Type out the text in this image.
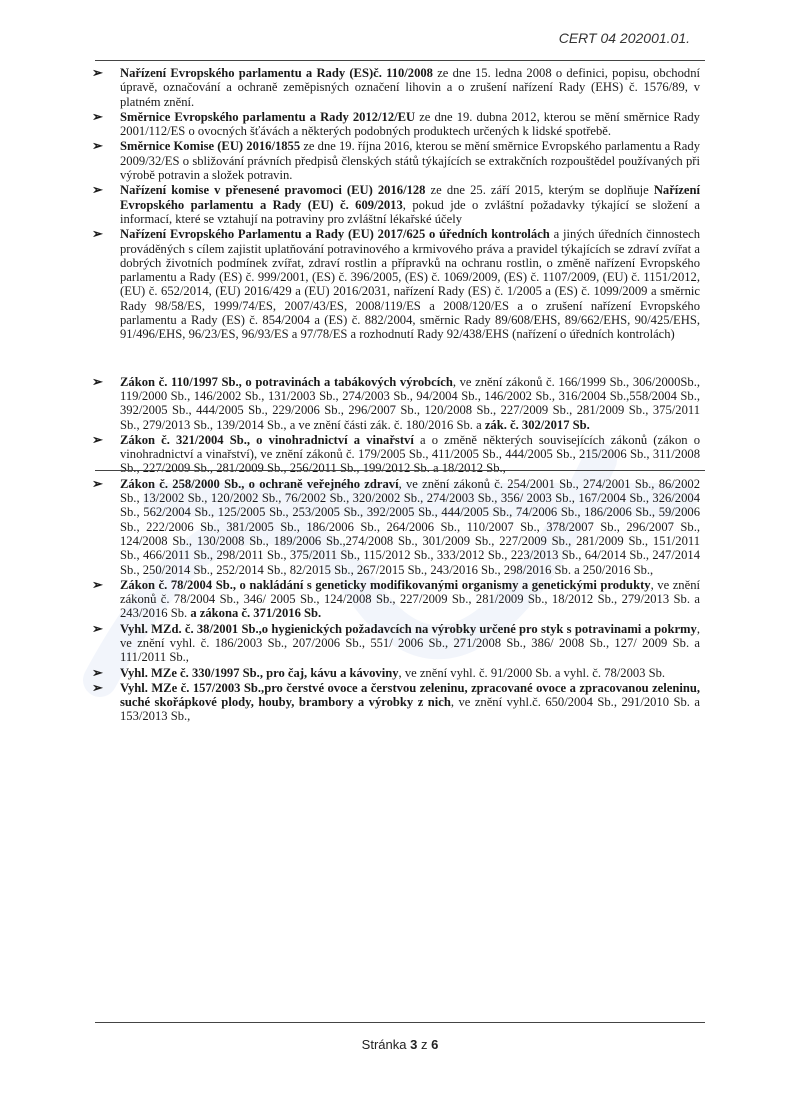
CERT 04 202001.01.
➢ Nařízení Evropského parlamentu a Rady (ES)č. 110/2008 ze dne 15. ledna 2008 o definici, popisu, obchodní úpravě, označování a ochraně zeměpisných označení lihovin a o zrušení nařízení Rady (EHS) č. 1576/89, v platném znění.
➢ Směrnice Evropského parlamentu a Rady 2012/12/EU ze dne 19. dubna 2012, kterou se mění směrnice Rady 2001/112/ES o ovocných šťávách a některých podobných produktech určených k lidské spotřebě.
➢ Směrnice Komise (EU) 2016/1855 ze dne 19. října 2016, kterou se mění směrnice Evropského parlamentu a Rady 2009/32/ES o sbližování právních předpisů členských států týkajících se extrakčních rozpouštědel používaných při výrobě potravin a složek potravin.
➢ Nařízení komise v přenesené pravomoci (EU) 2016/128 ze dne 25. září 2015, kterým se doplňuje Nařízení Evropského parlamentu a Rady (EU) č. 609/2013, pokud jde o zvláštní požadavky týkající se složení a informací, které se vztahují na potraviny pro zvláštní lékařské účely
➢ Nařízení Evropského Parlamentu a Rady (EU) 2017/625 o úředních kontrolách a jiných úředních činnostech prováděných s cílem zajistit uplatňování potravinového a krmivového práva a pravidel týkajících se zdraví zvířat a dobrých životních podmínek zvířat, zdraví rostlin a přípravků na ochranu rostlin, o změně nařízení Evropského parlamentu a Rady (ES) č. 999/2001, (ES) č. 396/2005, (ES) č. 1069/2009, (ES) č. 1107/2009, (EU) č. 1151/2012, (EU) č. 652/2014, (EU) 2016/429 a (EU) 2016/2031, nařízení Rady (ES) č. 1/2005 a (ES) č. 1099/2009 a směrnic Rady 98/58/ES, 1999/74/ES, 2007/43/ES, 2008/119/ES a 2008/120/ES a o zrušení nařízení Evropského parlamentu a Rady (ES) č. 854/2004 a (ES) č. 882/2004, směrnic Rady 89/608/EHS, 89/662/EHS, 90/425/EHS, 91/496/EHS, 96/23/ES, 96/93/ES a 97/78/ES a rozhodnutí Rady 92/438/EHS (nařízení o úředních kontrolách)
➢ Zákon č. 110/1997 Sb., o potravinách a tabákových výrobcích, ve znění zákonů č. 166/1999 Sb., 306/2000Sb., 119/2000 Sb., 146/2002 Sb., 131/2003 Sb., 274/2003 Sb., 94/2004 Sb., 146/2002 Sb., 316/2004 Sb.,558/2004 Sb., 392/2005 Sb., 444/2005 Sb., 229/2006 Sb., 296/2007 Sb., 120/2008 Sb., 227/2009 Sb., 281/2009 Sb., 375/2011 Sb., 279/2013 Sb., 139/2014 Sb., a ve znění části zák. č. 180/2016 Sb. a zák. č. 302/2017 Sb.
➢ Zákon č. 321/2004 Sb., o vinohradnictví a vinařství a o změně některých souvisejících zákonů (zákon o vinohradnictví a vinařství), ve znění zákonů č. 179/2005 Sb., 411/2005 Sb., 444/2005 Sb., 215/2006 Sb., 311/2008 Sb., 227/2009 Sb., 281/2009 Sb., 256/2011 Sb., 199/2012 Sb. a 18/2012 Sb.,
➢ Zákon č. 258/2000 Sb., o ochraně veřejného zdraví, ve znění zákonů č. 254/2001 Sb., 274/2001 Sb., 86/2002 Sb., 13/2002 Sb., 120/2002 Sb., 76/2002 Sb., 320/2002 Sb., 274/2003 Sb., 356/ 2003 Sb., 167/2004 Sb., 326/2004 Sb., 562/2004 Sb., 125/2005 Sb., 253/2005 Sb., 392/2005 Sb., 444/2005 Sb., 74/2006 Sb., 186/2006 Sb., 59/2006 Sb., 222/2006 Sb., 381/2005 Sb., 186/2006 Sb., 264/2006 Sb., 110/2007 Sb., 378/2007 Sb., 296/2007 Sb., 124/2008 Sb., 130/2008 Sb., 189/2006 Sb.,274/2008 Sb., 301/2009 Sb., 227/2009 Sb., 281/2009 Sb., 151/2011 Sb., 466/2011 Sb., 298/2011 Sb., 375/2011 Sb., 115/2012 Sb., 333/2012 Sb., 223/2013 Sb., 64/2014 Sb., 247/2014 Sb., 250/2014 Sb., 252/2014 Sb., 82/2015 Sb., 267/2015 Sb., 243/2016 Sb., 298/2016 Sb. a 250/2016 Sb.,
➢ Zákon č. 78/2004 Sb., o nakládání s geneticky modifikovanými organismy a genetickými produkty, ve znění zákonů č. 78/2004 Sb., 346/ 2005 Sb., 124/2008 Sb., 227/2009 Sb., 281/2009 Sb., 18/2012 Sb., 279/2013 Sb. a 243/2016 Sb. a zákona č. 371/2016 Sb.
➢ Vyhl. MZd. č. 38/2001 Sb.,o hygienických požadavcích na výrobky určené pro styk s potravinami a pokrmy, ve znění vyhl. č. 186/2003 Sb., 207/2006 Sb., 551/ 2006 Sb., 271/2008 Sb., 386/ 2008 Sb., 127/ 2009 Sb. a 111/2011 Sb.,
➢ Vyhl. MZe č. 330/1997 Sb., pro čaj, kávu a kávoviny, ve znění vyhl. č. 91/2000 Sb. a vyhl. č. 78/2003 Sb.
➢ Vyhl. MZe č. 157/2003 Sb.,pro čerstvé ovoce a čerstvou zeleninu, zpracované ovoce a zpracovanou zeleninu, suché skořápkové plody, houby, brambory a výrobky z nich, ve znění vyhl.č. 650/2004 Sb., 291/2010 Sb. a 153/2013 Sb.,
Stránka 3 z 6
